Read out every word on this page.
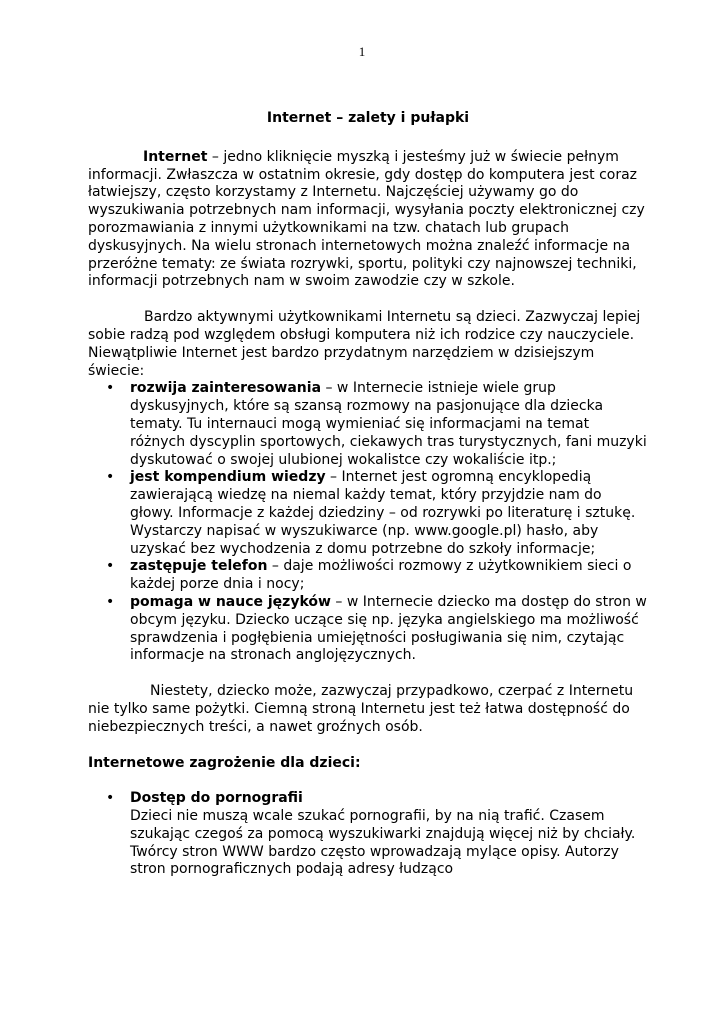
1

Internet – zalety i pułapki

Internet – jedno kliknięcie myszką i jesteśmy już w świecie pełnym informacji. Zwłaszcza w ostatnim okresie, gdy dostęp do komputera jest coraz łatwiejszy, często korzystamy z Internetu. Najczęściej używamy go do wyszukiwania potrzebnych nam informacji, wysyłania poczty elektronicznej czy porozmawiania z innymi użytkownikami na tzw. chatach lub grupach dyskusyjnych. Na wielu stronach internetowych można znaleźć informacje na przeróżne tematy: ze świata rozrywki, sportu, polityki czy najnowszej techniki, informacji potrzebnych nam w swoim zawodzie czy w szkole.

Bardzo aktywnymi użytkownikami Internetu są dzieci. Zazwyczaj lepiej sobie radzą pod względem obsługi komputera niż ich rodzice czy nauczyciele.

Niewątpliwie Internet jest bardzo przydatnym narzędziem w dzisiejszym świecie:

• rozwija zainteresowania – w Internecie istnieje wiele grup dyskusyjnych, które są szansą rozmowy na pasjonujące dla dziecka tematy. Tu internauci mogą wymieniać się informacjami na temat różnych dyscyplin sportowych, ciekawych tras turystycznych, fani muzyki dyskutować o swojej ulubionej wokalistce czy wokaliście itp.;
• jest kompendium wiedzy – Internet jest ogromną encyklopedią zawierającą wiedzę na niemal każdy temat, który przyjdzie nam do głowy. Informacje z każdej dziedziny – od rozrywki po literaturę i sztukę. Wystarczy napisać w wyszukiwarce (np. www.google.pl) hasło, aby uzyskać bez wychodzenia z domu potrzebne do szkoły informacje;
• zastępuje telefon – daje możliwości rozmowy z użytkownikiem sieci o każdej porze dnia i nocy;
• pomaga w nauce języków – w Internecie dziecko ma dostęp do stron w obcym języku. Dziecko uczące się np. języka angielskiego ma możliwość sprawdzenia i pogłębienia umiejętności posługiwania się nim, czytając informacje na stronach anglojęzycznych.

Niestety, dziecko może, zazwyczaj przypadkowo, czerpać z Internetu nie tylko same pożytki. Ciemną stroną Internetu jest też łatwa dostępność do niebezpiecznych treści, a nawet groźnych osób.

Internetowe zagrożenie dla dzieci:

• Dostęp do pornografii
Dzieci nie muszą wcale szukać pornografii, by na nią trafić. Czasem szukając czegoś za pomocą wyszukiwarki znajdują więcej niż by chciały. Twórcy stron WWW bardzo często wprowadzają mylące opisy. Autorzy stron pornograficznych podają adresy łudząco
